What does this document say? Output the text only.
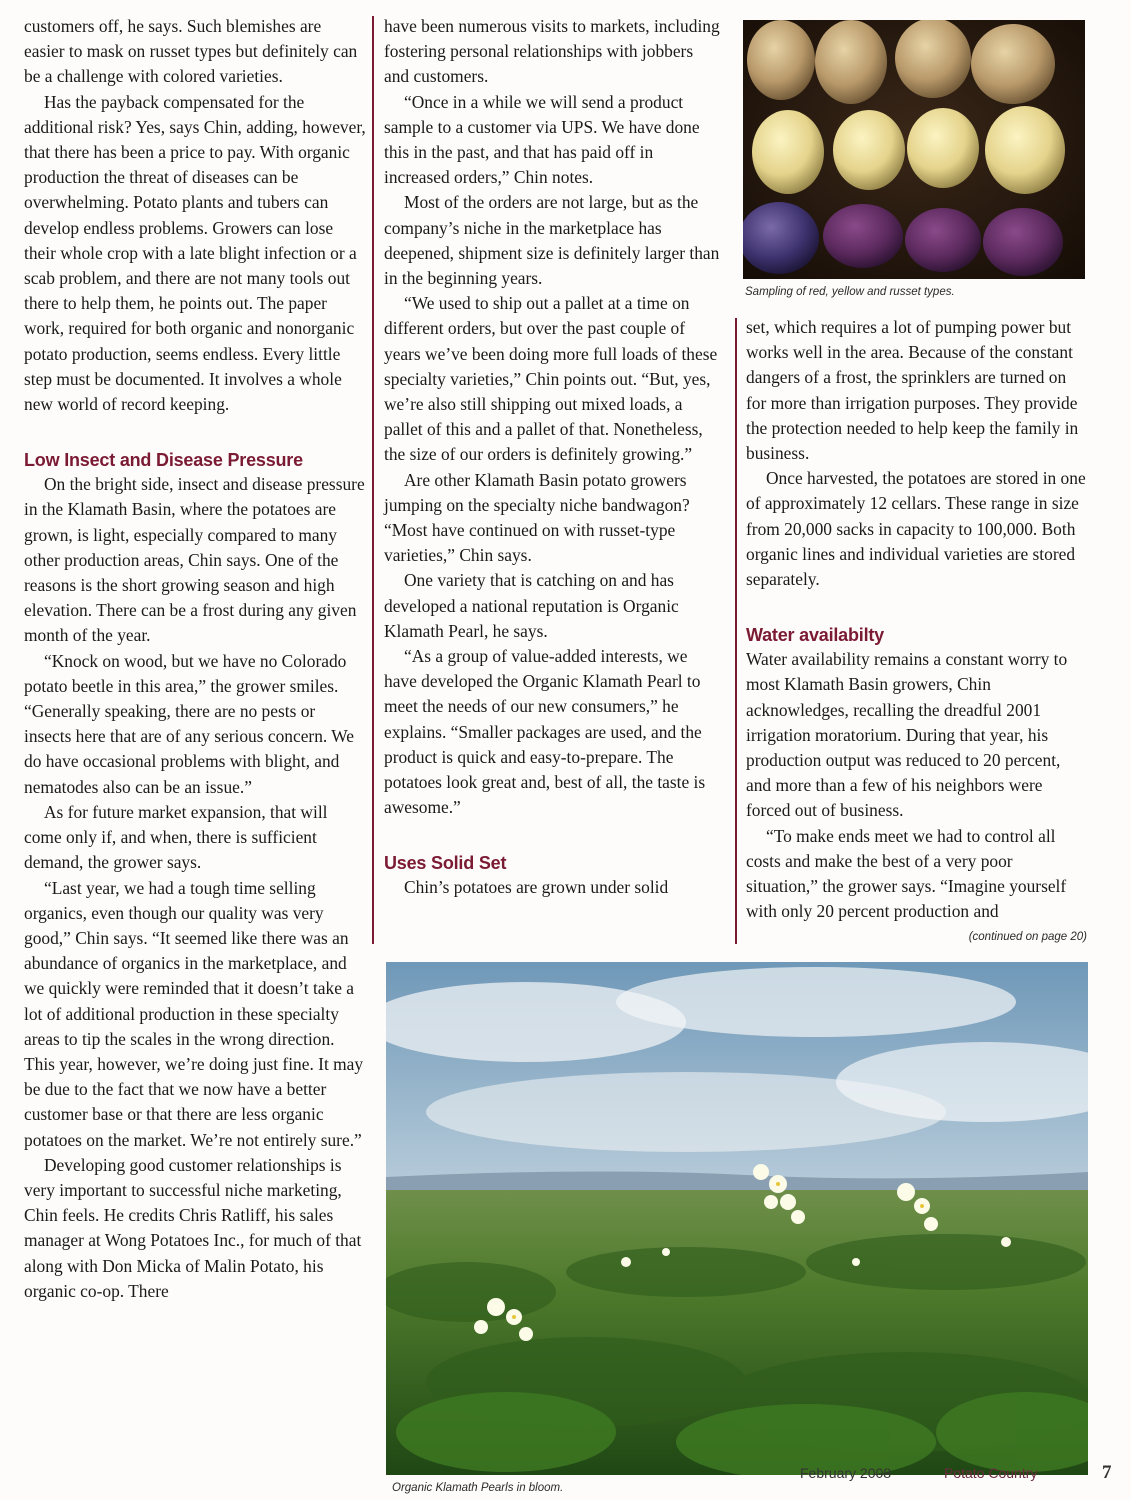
customers off, he says. Such blemishes are easier to mask on russet types but definitely can be a challenge with colored varieties.

Has the payback compensated for the additional risk? Yes, says Chin, adding, however, that there has been a price to pay. With organic production the threat of diseases can be overwhelming. Potato plants and tubers can develop endless problems. Growers can lose their whole crop with a late blight infection or a scab problem, and there are not many tools out there to help them, he points out. The paper work, required for both organic and nonorganic potato production, seems endless. Every little step must be documented. It involves a whole new world of record keeping.

Low Insect and Disease Pressure

On the bright side, insect and disease pressure in the Klamath Basin, where the potatoes are grown, is light, especially compared to many other production areas, Chin says. One of the reasons is the short growing season and high elevation. There can be a frost during any given month of the year.

“Knock on wood, but we have no Colorado potato beetle in this area,” the grower smiles. “Generally speaking, there are no pests or insects here that are of any serious concern. We do have occasional problems with blight, and nematodes also can be an issue.”

As for future market expansion, that will come only if, and when, there is sufficient demand, the grower says.

“Last year, we had a tough time selling organics, even though our quality was very good,” Chin says. “It seemed like there was an abundance of organics in the marketplace, and we quickly were reminded that it doesn’t take a lot of additional production in these specialty areas to tip the scales in the wrong direction. This year, however, we’re doing just fine. It may be due to the fact that we now have a better customer base or that there are less organic potatoes on the market. We’re not entirely sure.”

Developing good customer relationships is very important to successful niche marketing, Chin feels. He credits Chris Ratliff, his sales manager at Wong Potatoes Inc., for much of that along with Don Micka of Malin Potato, his organic co-op. There

have been numerous visits to markets, including fostering personal relationships with jobbers and customers.

“Once in a while we will send a product sample to a customer via UPS. We have done this in the past, and that has paid off in increased orders,” Chin notes.

Most of the orders are not large, but as the company’s niche in the marketplace has deepened, shipment size is definitely larger than in the beginning years.

“We used to ship out a pallet at a time on different orders, but over the past couple of years we’ve been doing more full loads of these specialty varieties,” Chin points out. “But, yes, we’re also still shipping out mixed loads, a pallet of this and a pallet of that. Nonetheless, the size of our orders is definitely growing.”

Are other Klamath Basin potato growers jumping on the specialty niche bandwagon? “Most have continued on with russet-type varieties,” Chin says.

One variety that is catching on and has developed a national reputation is Organic Klamath Pearl, he says.

“As a group of value-added interests, we have developed the Organic Klamath Pearl to meet the needs of our new consumers,” he explains. “Smaller packages are used, and the product is quick and easy-to-prepare. The potatoes look great and, best of all, the taste is awesome.”

Uses Solid Set

Chin’s potatoes are grown under solid

Sampling of red, yellow and russet types.

set, which requires a lot of pumping power but works well in the area. Because of the constant dangers of a frost, the sprinklers are turned on for more than irrigation purposes. They provide the protection needed to help keep the family in business.

Once harvested, the potatoes are stored in one of approximately 12 cellars. These range in size from 20,000 sacks in capacity to 100,000. Both organic lines and individual varieties are stored separately.

Water availabilty

Water availability remains a constant worry to most Klamath Basin growers, Chin acknowledges, recalling the dreadful 2001 irrigation moratorium. During that year, his production output was reduced to 20 percent, and more than a few of his neighbors were forced out of business.

“To make ends meet we had to control all costs and make the best of a very poor situation,” the grower says. “Imagine yourself with only 20 percent production and

(continued on page 20)
Organic Klamath Pearls in bloom.
February 2008	Potato Country	7
